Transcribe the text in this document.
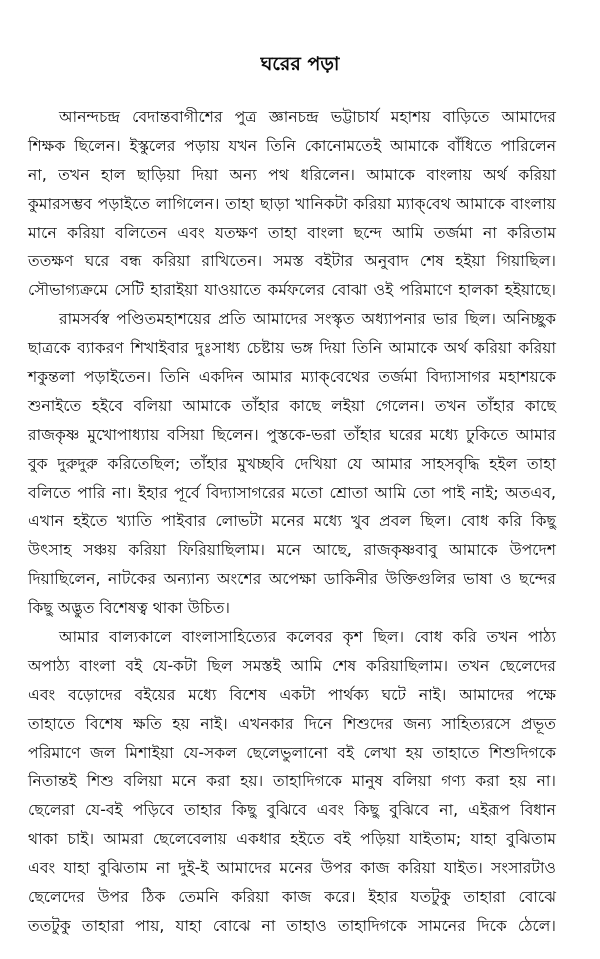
ঘরের পড়া
আনন্দচন্দ্র বেদান্তবাগীশের পুত্র জ্ঞানচন্দ্র ভট্টাচার্য মহাশয় বাড়িতে আমাদের
শিক্ষক ছিলেন। ইস্কুলের পড়ায় যখন তিনি কোনোমতেই আমাকে বাঁধিতে পারিলেন
না, তখন হাল ছাড়িয়া দিয়া অন্য পথ ধরিলেন। আমাকে বাংলায় অর্থ করিয়া
কুমারসম্ভব পড়াইতে লাগিলেন। তাহা ছাড়া খানিকটা করিয়া ম্যাক্‌বেথ আমাকে বাংলায়
মানে করিয়া বলিতেন এবং যতক্ষণ তাহা বাংলা ছন্দে আমি তর্জমা না করিতাম
ততক্ষণ ঘরে বন্ধ করিয়া রাখিতেন। সমস্ত বইটার অনুবাদ শেষ হইয়া গিয়াছিল।
সৌভাগ্যক্রমে সেটি হারাইয়া যাওয়াতে কর্মফলের বোঝা ওই পরিমাণে হালকা হইয়াছে।
রামসর্বস্ব পণ্ডিতমহাশয়ের প্রতি আমাদের সংস্কৃত অধ্যাপনার ভার ছিল। অনিচ্ছুক
ছাত্রকে ব্যাকরণ শিখাইবার দুঃসাধ্য চেষ্টায় ভঙ্গ দিয়া তিনি আমাকে অর্থ করিয়া করিয়া
শকুন্তলা পড়াইতেন। তিনি একদিন আমার ম্যাক্‌বেথের তর্জমা বিদ্যাসাগর মহাশয়কে
শুনাইতে হইবে বলিয়া আমাকে তাঁহার কাছে লইয়া গেলেন। তখন তাঁহার কাছে
রাজকৃষ্ণ মুখোপাধ্যায় বসিয়া ছিলেন। পুস্তকে-ভরা তাঁহার ঘরের মধ্যে ঢুকিতে আমার
বুক দুরুদুরু করিতেছিল; তাঁহার মুখচ্ছবি দেখিয়া যে আমার সাহসবৃদ্ধি হইল তাহা
বলিতে পারি না। ইহার পূর্বে বিদ্যাসাগরের মতো শ্রোতা আমি তো পাই নাই; অতএব,
এখান হইতে খ্যাতি পাইবার লোভটা মনের মধ্যে খুব প্রবল ছিল। বোধ করি কিছু
উৎসাহ সঞ্চয় করিয়া ফিরিয়াছিলাম। মনে আছে, রাজকৃষ্ণবাবু আমাকে উপদেশ
দিয়াছিলেন, নাটকের অন্যান্য অংশের অপেক্ষা ডাকিনীর উক্তিগুলির ভাষা ও ছন্দের
কিছু অদ্ভুত বিশেষত্ব থাকা উচিত।
আমার বাল্যকালে বাংলাসাহিত্যের কলেবর কৃশ ছিল। বোধ করি তখন পাঠ্য
অপাঠ্য বাংলা বই যে-কটা ছিল সমস্তই আমি শেষ করিয়াছিলাম। তখন ছেলেদের
এবং বড়োদের বইয়ের মধ্যে বিশেষ একটা পার্থক্য ঘটে নাই। আমাদের পক্ষে
তাহাতে বিশেষ ক্ষতি হয় নাই। এখনকার দিনে শিশুদের জন্য সাহিত্যরসে প্রভূত
পরিমাণে জল মিশাইয়া যে-সকল ছেলেভুলানো বই লেখা হয় তাহাতে শিশুদিগকে
নিতান্তই শিশু বলিয়া মনে করা হয়। তাহাদিগকে মানুষ বলিয়া গণ্য করা হয় না।
ছেলেরা যে-বই পড়িবে তাহার কিছু বুঝিবে এবং কিছু বুঝিবে না, এইরূপ বিধান
থাকা চাই। আমরা ছেলেবেলায় একধার হইতে বই পড়িয়া যাইতাম; যাহা বুঝিতাম
এবং যাহা বুঝিতাম না দুই-ই আমাদের মনের উপর কাজ করিয়া যাইত। সংসারটাও
ছেলেদের উপর ঠিক তেমনি করিয়া কাজ করে। ইহার যতটুকু তাহারা বোঝে
ততটুকু তাহারা পায়, যাহা বোঝে না তাহাও তাহাদিগকে সামনের দিকে ঠেলে।
